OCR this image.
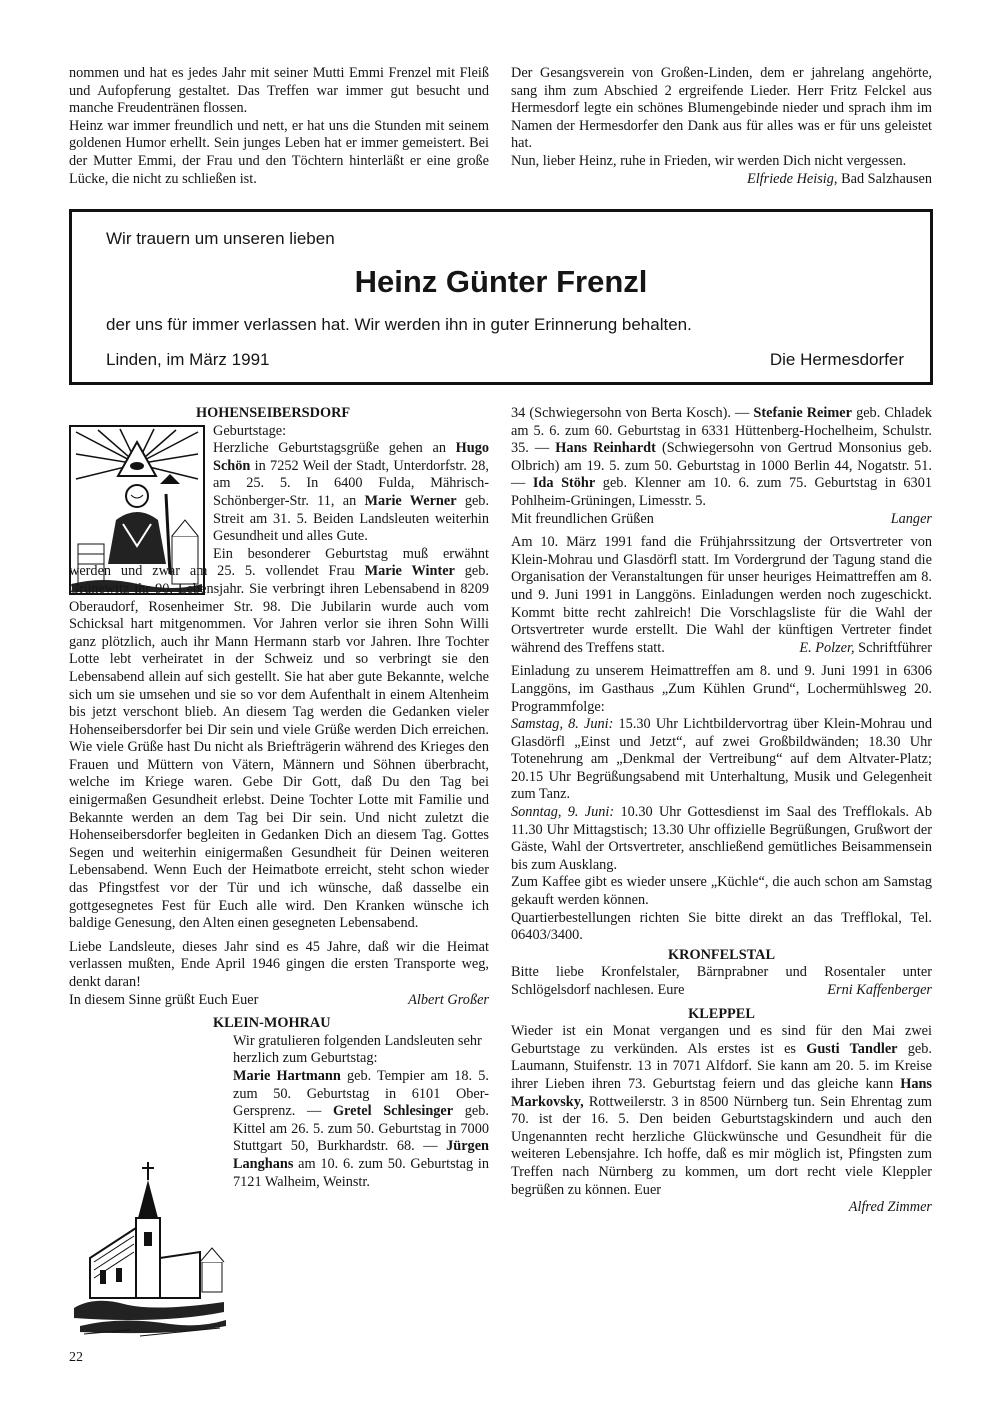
nommen und hat es jedes Jahr mit seiner Mutti Emmi Frenzel mit Fleiß und Aufopferung gestaltet. Das Treffen war immer gut besucht und manche Freudentränen flossen.

Heinz war immer freundlich und nett, er hat uns die Stunden mit seinem goldenen Humor erhellt. Sein junges Leben hat er immer gemeistert. Bei der Mutter Emmi, der Frau und den Töchtern hinterläßt er eine große Lücke, die nicht zu schließen ist.

Der Gesangsverein von Großen-Linden, dem er jahrelang angehörte, sang ihm zum Abschied 2 ergreifende Lieder. Herr Fritz Felckel aus Hermesdorf legte ein schönes Blumengebinde nieder und sprach ihm im Namen der Hermesdorfer den Dank aus für alles was er für uns geleistet hat.

Nun, lieber Heinz, ruhe in Frieden, wir werden Dich nicht vergessen.

Elfriede Heisig, Bad Salzhausen
Wir trauern um unseren lieben
Heinz Günter Frenzl
der uns für immer verlassen hat. Wir werden ihn in guter Erinnerung behalten.
Linden, im März 1991	Die Hermesdorfer
HOHENSEIBERSDORF
Geburtstage:

Herzliche Geburtstagsgrüße gehen an Hugo Schön in 7252 Weil der Stadt, Unterdorfstr. 28, am 25. 5. In 6400 Fulda, Mährisch-Schönberger-Str. 11, an Marie Werner geb. Streit am 31. 5. Beiden Landsleuten weiterhin Gesundheit und alles Gute.

Ein besonderer Geburtstag muß erwähnt werden und zwar am 25. 5. vollendet Frau Marie Winter geb. Grünewitz ihr 90. Lebensjahr. Sie verbringt ihren Lebensabend in 8209 Oberaudorf, Rosenheimer Str. 98. Die Jubilarin wurde auch vom Schicksal hart mitgenommen. Vor Jahren verlor sie ihren Sohn Willi ganz plötzlich, auch ihr Mann Hermann starb vor Jahren. Ihre Tochter Lotte lebt verheiratet in der Schweiz und so verbringt sie den Lebensabend allein auf sich gestellt. Sie hat aber gute Bekannte, welche sich um sie umsehen und sie so vor dem Aufenthalt in einem Altenheim bis jetzt verschont blieb. An diesem Tag werden die Gedanken vieler Hohenseibersdorfer bei Dir sein und viele Grüße werden Dich erreichen. Wie viele Grüße hast Du nicht als Briefträgerin während des Krieges den Frauen und Müttern von Vätern, Männern und Söhnen überbracht, welche im Kriege waren. Gebe Dir Gott, daß Du den Tag bei einigermaßen Gesundheit erlebst. Deine Tochter Lotte mit Familie und Bekannte werden an dem Tag bei Dir sein. Und nicht zuletzt die Hohenseibersdorfer begleiten in Gedanken Dich an diesem Tag. Gottes Segen und weiterhin einigermaßen Gesundheit für Deinen weiteren Lebensabend. Wenn Euch der Heimatbote erreicht, steht schon wieder das Pfingstfest vor der Tür und ich wünsche, daß dasselbe ein gottgesegnetes Fest für Euch alle wird. Den Kranken wünsche ich baldige Genesung, den Alten einen gesegneten Lebensabend.

Liebe Landsleute, dieses Jahr sind es 45 Jahre, daß wir die Heimat verlassen mußten, Ende April 1946 gingen die ersten Transporte weg, denkt daran!

In diesem Sinne grüßt Euch Euer	Albert Großer
KLEIN-MOHRAU

Wir gratulieren folgenden Landsleuten sehr herzlich zum Geburtstag:

Marie Hartmann geb. Tempier am 18. 5. zum 50. Geburtstag in 6101 Ober-Gersprenz. — Gretel Schlesinger geb. Kittel am 26. 5. zum 50. Geburtstag in 7000 Stuttgart 50, Burkhardstr. 68. — Jürgen Langhans am 10. 6. zum 50. Geburtstag in 7121 Walheim, Weinstr.

34 (Schwiegersohn von Berta Kosch). — Stefanie Reimer geb. Chladek am 5. 6. zum 60. Geburtstag in 6331 Hüttenberg-Hochelheim, Schulstr. 35. — Hans Reinhardt (Schwiegersohn von Gertrud Monsonius geb. Olbrich) am 19. 5. zum 50. Geburtstag in 1000 Berlin 44, Nogatstr. 51. — Ida Stöhr geb. Klenner am 10. 6. zum 75. Geburtstag in 6301 Pohlheim-Grüningen, Limesstr. 5.

Mit freundlichen Grüßen	Langer

Am 10. März 1991 fand die Frühjahrssitzung der Ortsvertreter von Klein-Mohrau und Glasdörfl statt. Im Vordergrund der Tagung stand die Organisation der Veranstaltungen für unser heuriges Heimattreffen am 8. und 9. Juni 1991 in Langgöns. Einladungen werden noch zugeschickt. Kommt bitte recht zahlreich! Die Vorschlagsliste für die Wahl der Ortsvertreter wurde erstellt. Die Wahl der künftigen Vertreter findet während des Treffens statt.	E. Polzer, Schriftführer

Einladung zu unserem Heimattreffen am 8. und 9. Juni 1991 in 6306 Langgöns, im Gasthaus „Zum Kühlen Grund“, Lochermühlsweg 20. Programmfolge:

Samstag, 8. Juni: 15.30 Uhr Lichtbildervortrag über Klein-Mohrau und Glasdörfl „Einst und Jetzt“, auf zwei Großbildwänden; 18.30 Uhr Totenehrung am „Denkmal der Vertreibung“ auf dem Altvater-Platz; 20.15 Uhr Begrüßungsabend mit Unterhaltung, Musik und Gelegenheit zum Tanz.

Sonntag, 9. Juni: 10.30 Uhr Gottesdienst im Saal des Trefflokals. Ab 11.30 Uhr Mittagstisch; 13.30 Uhr offizielle Begrüßungen, Grußwort der Gäste, Wahl der Ortsvertreter, anschließend gemütliches Beisammensein bis zum Ausklang.

Zum Kaffee gibt es wieder unsere „Küchle“, die auch schon am Samstag gekauft werden können.

Quartierbestellungen richten Sie bitte direkt an das Trefflokal, Tel. 06403/3400.

KRONFELSTAL

Bitte liebe Kronfelstaler, Bärnprabner und Rosentaler unter Schlögelsdorf nachlesen. Eure	Erni Kaffenberger
KLEPPEL

Wieder ist ein Monat vergangen und es sind für den Mai zwei Geburtstage zu verkünden. Als erstes ist es Gusti Tandler geb. Laumann, Stuifenstr. 13 in 7071 Alfdorf. Sie kann am 20. 5. im Kreise ihrer Lieben ihren 73. Geburtstag feiern und das gleiche kann Hans Markovsky, Rottweilerstr. 3 in 8500 Nürnberg tun. Sein Ehrentag zum 70. ist der 16. 5. Den beiden Geburtstagskindern und auch den Ungenannten recht herzliche Glückwünsche und Gesundheit für die weiteren Lebensjahre. Ich hoffe, daß es mir möglich ist, Pfingsten zum Treffen nach Nürnberg zu kommen, um dort recht viele Kleppler begrüßen zu können. Euer

Alfred Zimmer
22
